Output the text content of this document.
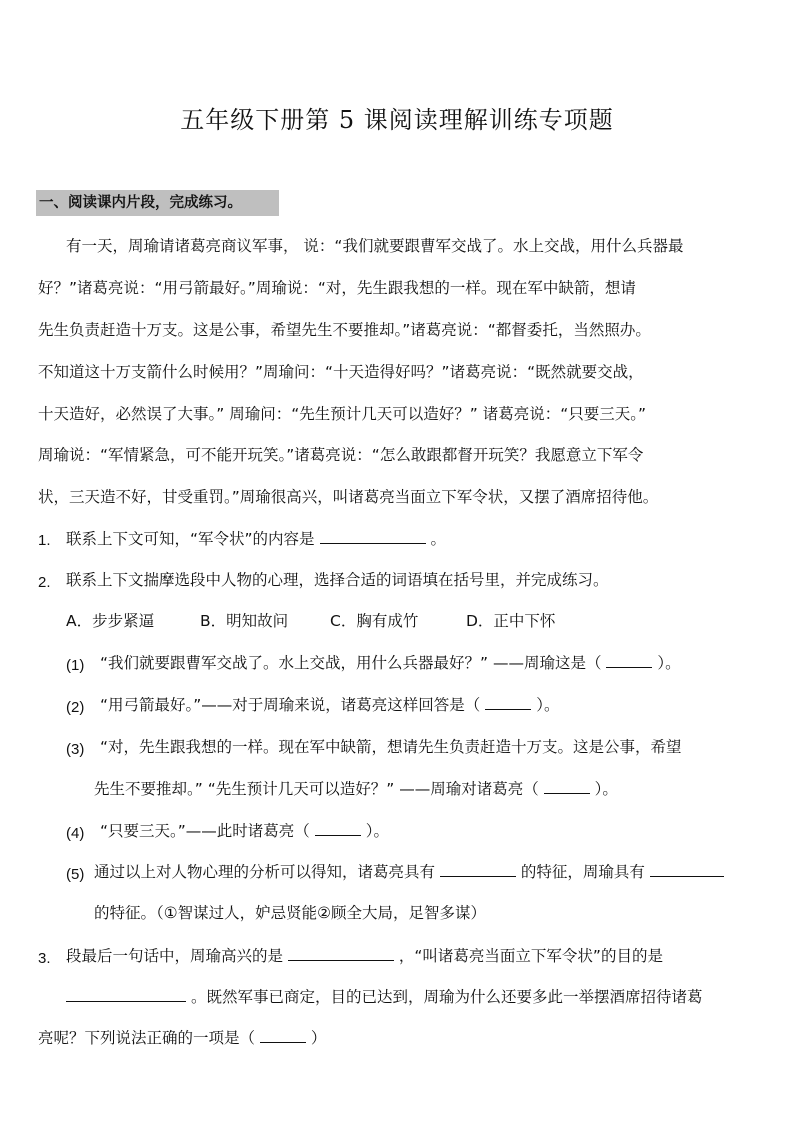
五年级下册第 5 课阅读理解训练专项题
一、阅读课内片段，完成练习。
有一天，周瑜请诸葛亮商议军事， 说：“我们就要跟曹军交战了。水上交战，用什么兵器最
好？”诸葛亮说：“用弓箭最好。”周瑜说：“对，先生跟我想的一样。现在军中缺箭，想请
先生负责赶造十万支。这是公事，希望先生不要推却。”诸葛亮说：“都督委托，当然照办。
不知道这十万支箭什么时候用？”周瑜问：“十天造得好吗？”诸葛亮说：“既然就要交战，
十天造好，必然误了大事。” 周瑜问：“先生预计几天可以造好？” 诸葛亮说：“只要三天。”
周瑜说：“军情紧急，可不能开玩笑。”诸葛亮说：“怎么敢跟都督开玩笑？我愿意立下军令
状，三天造不好，甘受重罚。”周瑜很高兴，叫诸葛亮当面立下军令状，又摆了酒席招待他。
1. 联系上下文可知，“军令状”的内容是	。
2. 联系上下文揣摩选段中人物的心理，选择合适的词语填在括号里，并完成练习。
A．步步紧逼	B．明知故问	C．胸有成竹	D．正中下怀
(1) “我们就要跟曹军交战了。水上交战，用什么兵器最好？” ——周瑜这是（	）。
(2) “用弓箭最好。”——对于周瑜来说，诸葛亮这样回答是（	）。
(3) “对，先生跟我想的一样。现在军中缺箭，想请先生负责赶造十万支。这是公事，希望
先生不要推却。” “先生预计几天可以造好？” ——周瑜对诸葛亮（	）。
(4) “只要三天。”——此时诸葛亮（	）。
(5) 通过以上对人物心理的分析可以得知，诸葛亮具有	的特征，周瑜具有
的特征。（①智谋过人，妒忌贤能②顾全大局，足智多谋）
3. 段最后一句话中，周瑜高兴的是	，“叫诸葛亮当面立下军令状”的目的是
。既然军事已商定，目的已达到，周瑜为什么还要多此一举摆酒席招待诸葛
亮呢？下列说法正确的一项是（	）
